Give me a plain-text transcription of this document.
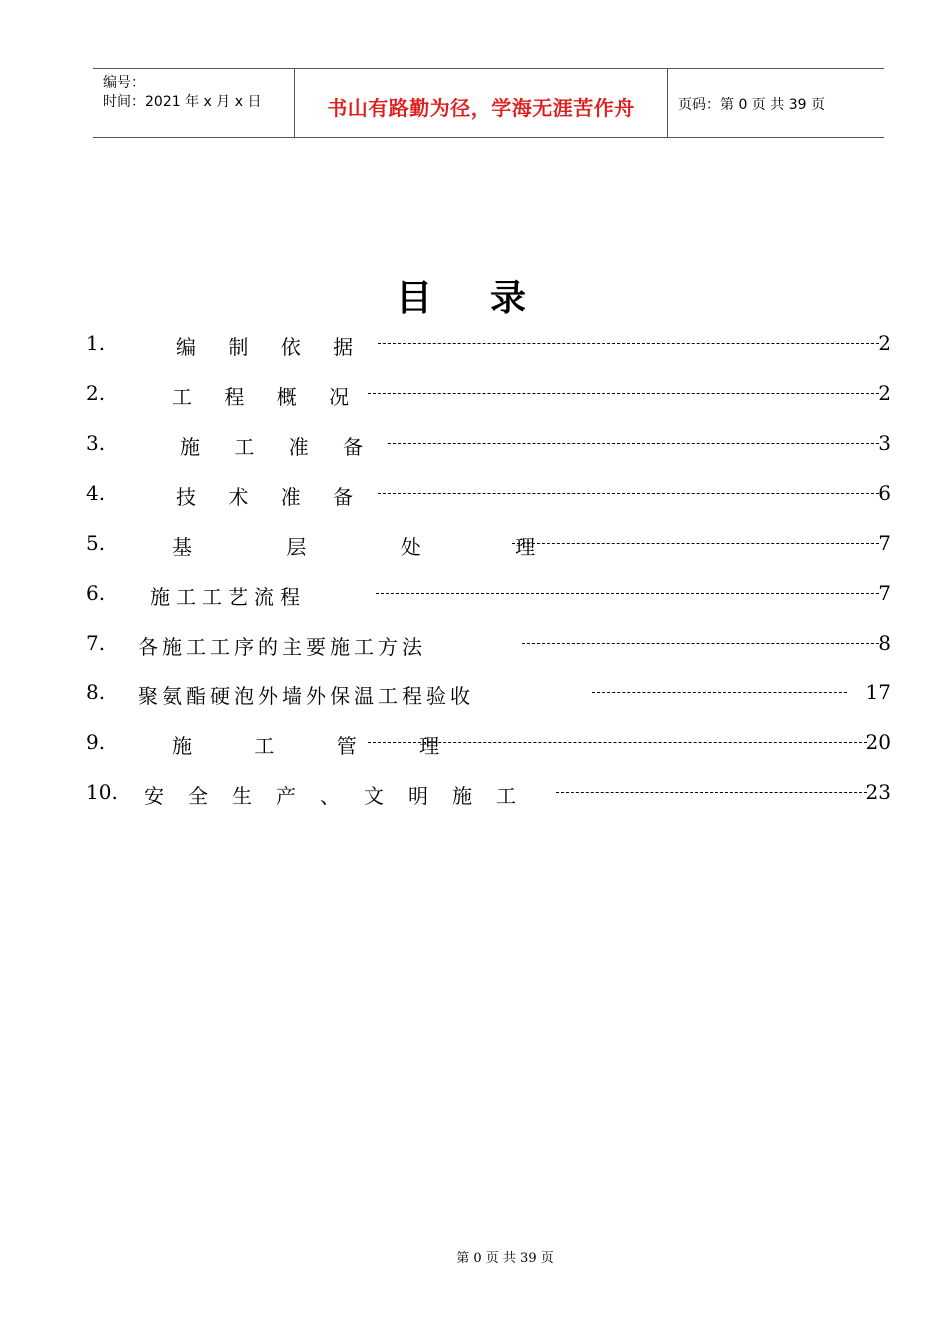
编号：
时间：2021 年 x 月 x 日	书山有路勤为径，学海无涯苦作舟	页码：第 0 页 共 39 页
目录
1.	编 制 依 据	2
2.	工 程 概 况	2
3.	施 工 准 备	3
4.	技 术 准 备	6
5.	基 层 处 理	7
6. 施工工艺流程	7
7. 各施工工序的主要施工方法	8
8. 聚氨酯硬泡外墙外保温工程验收	17
9.	施 工 管 理	20
10. 安全生产、文明施工	23
第 0 页 共 39 页
